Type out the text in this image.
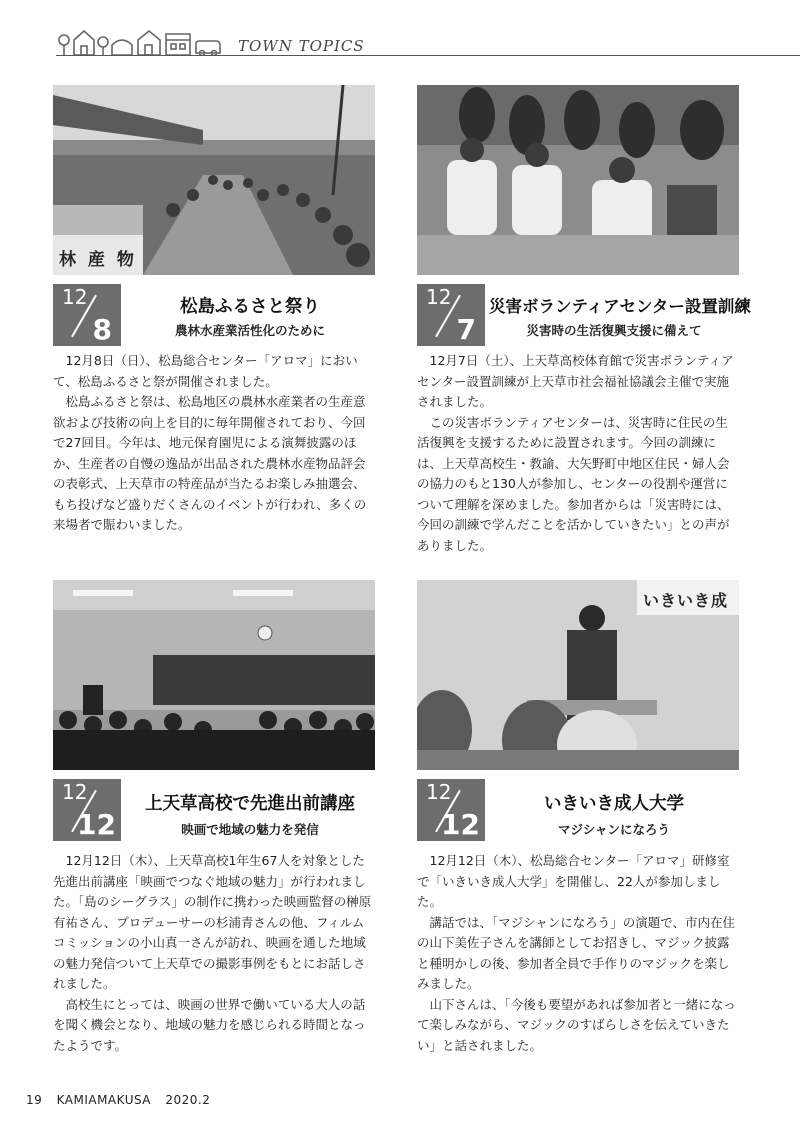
TOWN TOPICS
林 産 物
12
8
松島ふるさと祭り
農林水産業活性化のために

12月8日（日）、松島総合センター「アロマ」において、松島ふるさと祭が開催されました。

松島ふるさと祭は、松島地区の農林水産業者の生産意欲および技術の向上を目的に毎年開催されており、今回で27回目。今年は、地元保育園児による演舞披露のほか、生産者の自慢の逸品が出品された農林水産物品評会の表彰式、上天草市の特産品が当たるお楽しみ抽選会、もち投げなど盛りだくさんのイベントが行われ、多くの来場者で賑わいました。

12
7
災害ボランティアセンター設置訓練
災害時の生活復興支援に備えて

12月7日（土）、上天草高校体育館で災害ボランティアセンター設置訓練が上天草市社会福祉協議会主催で実施されました。

この災害ボランティアセンターは、災害時に住民の生活復興を支援するために設置されます。今回の訓練には、上天草高校生・教諭、大矢野町中地区住民・婦人会の協力のもと130人が参加し、センターの役割や運営について理解を深めました。参加者からは「災害時には、今回の訓練で学んだことを活かしていきたい」との声がありました。

12
12
上天草高校で先進出前講座
映画で地域の魅力を発信

12月12日（木）、上天草高校1年生67人を対象とした先進出前講座「映画でつなぐ地域の魅力」が行われました。「島のシーグラス」の制作に携わった映画監督の榊原有祐さん、プロデューサーの杉浦青さんの他、フィルムコミッションの小山真一さんが訪れ、映画を通した地域の魅力発信ついて上天草での撮影事例をもとにお話しされました。

高校生にとっては、映画の世界で働いている大人の話を聞く機会となり、地域の魅力を感じられる時間となったようです。

いきいき成
12
12
いきいき成人大学
マジシャンになろう

12月12日（木）、松島総合センター「アロマ」研修室で「いきいき成人大学」を開催し、22人が参加しました。

講話では、「マジシャンになろう」の演題で、市内在住の山下美佐子さんを講師としてお招きし、マジック披露と種明かしの後、参加者全員で手作りのマジックを楽しみました。

山下さんは、「今後も要望があれば参加者と一緒になって楽しみながら、マジックのすばらしさを伝えていきたい」と話されました。

19 KAMIAMAKUSA 2020.2
